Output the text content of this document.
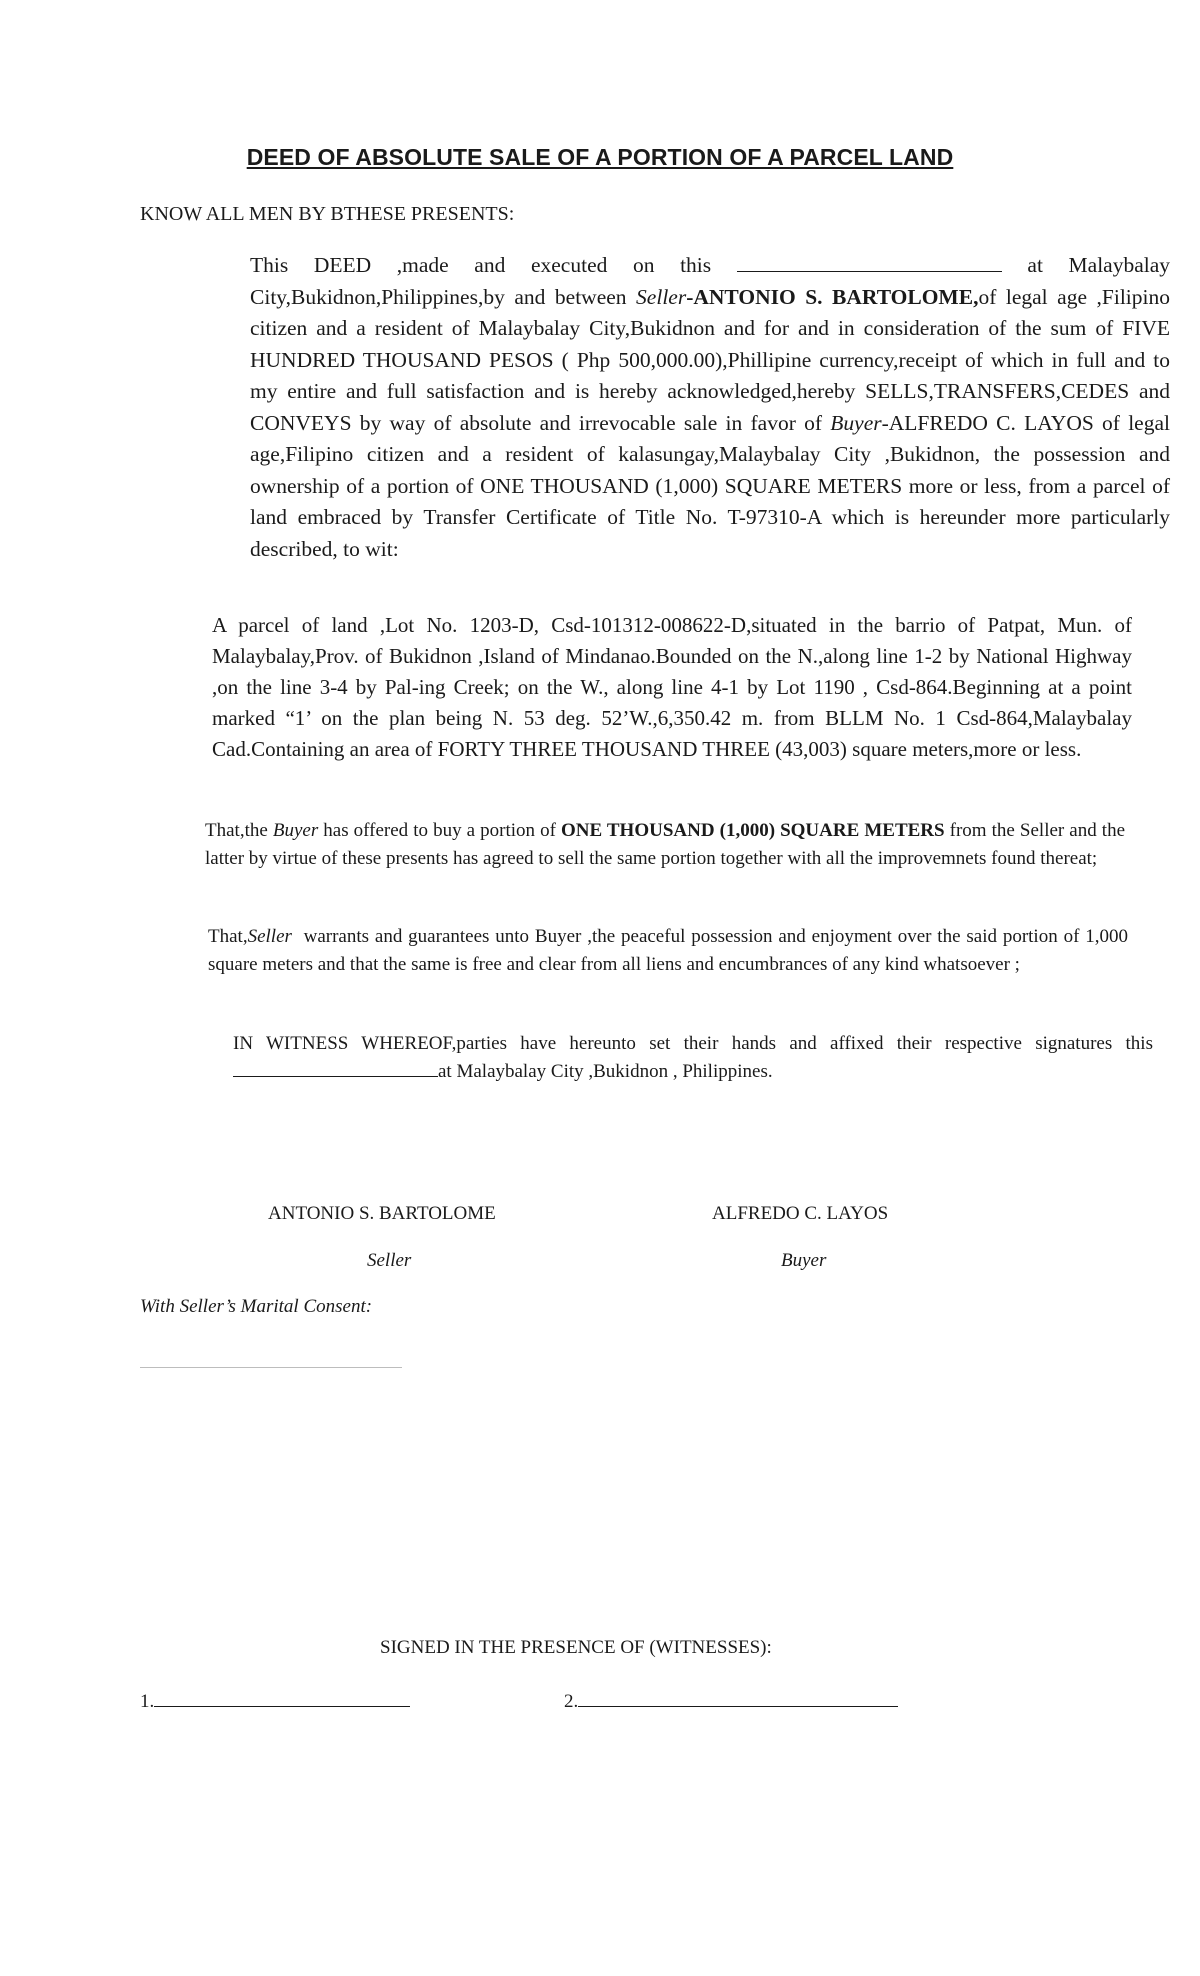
DEED OF ABSOLUTE SALE OF A PORTION OF A PARCEL LAND
KNOW ALL MEN BY BTHESE PRESENTS:
This DEED ,made and executed on this	at Malaybalay City,Bukidnon,Philippines,by and between Seller-ANTONIO S. BARTOLOME,of legal age ,Filipino citizen and a resident of Malaybalay City,Bukidnon and for and in consideration of the sum of FIVE HUNDRED THOUSAND PESOS ( Php 500,000.00),Phillipine currency,receipt of which in full and to my entire and full satisfaction and is hereby acknowledged,hereby SELLS,TRANSFERS,CEDES and CONVEYS by way of absolute and irrevocable sale in favor of Buyer-ALFREDO C. LAYOS of legal age,Filipino citizen and a resident of kalasungay,Malaybalay City ,Bukidnon, the possession and ownership of a portion of ONE THOUSAND (1,000) SQUARE METERS more or less, from a parcel of land embraced by Transfer Certificate of Title No. T-97310-A which is hereunder more particularly described, to wit:
A parcel of land ,Lot No. 1203-D, Csd-101312-008622-D,situated in the barrio of Patpat, Mun. of Malaybalay,Prov. of Bukidnon ,Island of Mindanao.Bounded on the N.,along line 1-2 by National Highway ,on the line 3-4 by Pal-ing Creek; on the W., along line 4-1 by Lot 1190 , Csd-864.Beginning at a point marked “1’ on the plan being N. 53 deg. 52’W.,6,350.42 m. from BLLM No. 1 Csd-864,Malaybalay Cad.Containing an area of FORTY THREE THOUSAND THREE (43,003) square meters,more or less.
That,the Buyer has offered to buy a portion of ONE THOUSAND (1,000) SQUARE METERS from the Seller and the latter by virtue of these presents has agreed to sell the same portion together with all the improvemnets found thereat;
That,Seller warrants and guarantees unto Buyer ,the peaceful possession and enjoyment over the said portion of 1,000 square meters and that the same is free and clear from all liens and encumbrances of any kind whatsoever ;
IN WITNESS WHEREOF,parties have hereunto set their hands and affixed their respective signatures thisat Malaybalay City ,Bukidnon , Philippines.
ANTONIO S. BARTOLOME
Seller
ALFREDO C. LAYOS
Buyer
With Seller’s Marital Consent:
SIGNED IN THE PRESENCE OF (WITNESSES):
1.	2.
